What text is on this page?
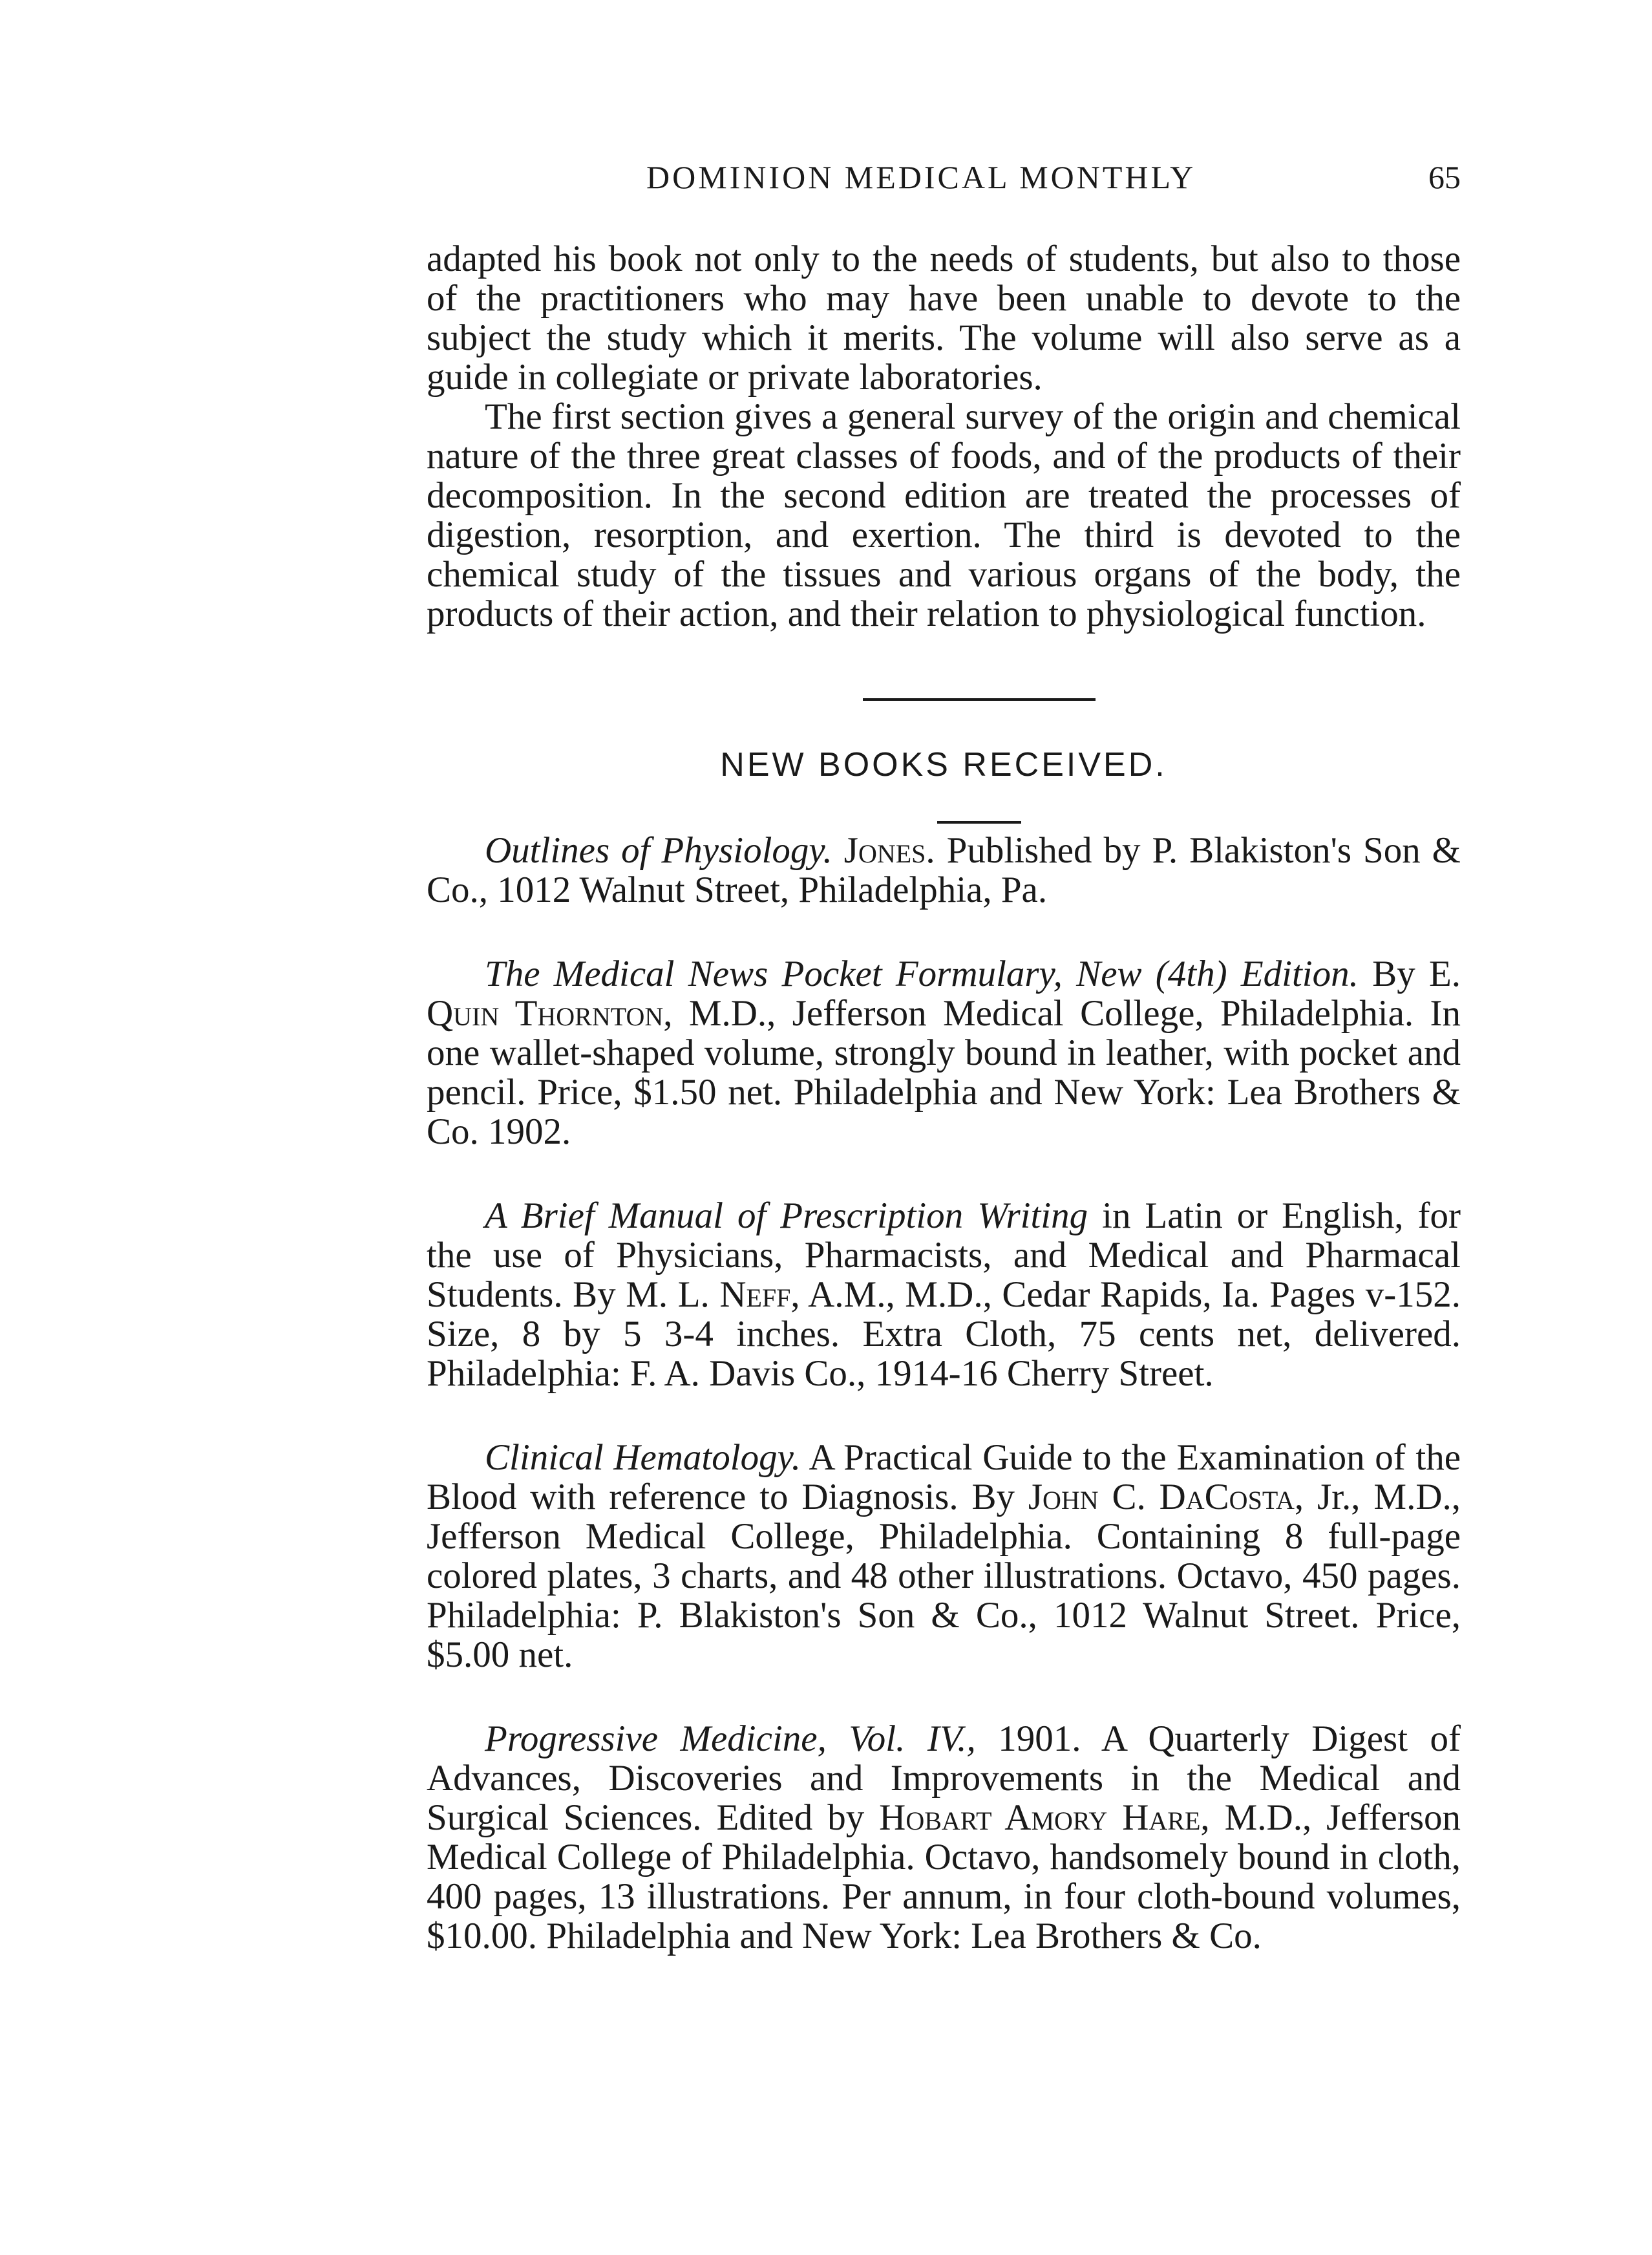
DOMINION MEDICAL MONTHLY	65

adapted his book not only to the needs of students, but also to those of the practitioners who may have been unable to devote to the subject the study which it merits. The volume will also serve as a guide in collegiate or private laboratories.

The first section gives a general survey of the origin and chemical nature of the three great classes of foods, and of the products of their decomposition. In the second edition are treated the processes of digestion, resorption, and exertion. The third is devoted to the chemical study of the tissues and various organs of the body, the products of their action, and their relation to physiological function.

NEW BOOKS RECEIVED.

Outlines of Physiology. Jones. Published by P. Blakiston's Son & Co., 1012 Walnut Street, Philadelphia, Pa.

The Medical News Pocket Formulary, New (4th) Edition. By E. Quin Thornton, M.D., Jefferson Medical College, Philadelphia. In one wallet-shaped volume, strongly bound in leather, with pocket and pencil. Price, $1.50 net. Philadelphia and New York: Lea Brothers & Co. 1902.

A Brief Manual of Prescription Writing in Latin or English, for the use of Physicians, Pharmacists, and Medical and Pharmacal Students. By M. L. Neff, A.M., M.D., Cedar Rapids, Ia. Pages v-152. Size, 8 by 5 3-4 inches. Extra Cloth, 75 cents net, delivered. Philadelphia: F. A. Davis Co., 1914-16 Cherry Street.

Clinical Hematology. A Practical Guide to the Examination of the Blood with reference to Diagnosis. By John C. DaCosta, Jr., M.D., Jefferson Medical College, Philadelphia. Containing 8 full-page colored plates, 3 charts, and 48 other illustrations. Octavo, 450 pages. Philadelphia: P. Blakiston's Son & Co., 1012 Walnut Street. Price, $5.00 net.

Progressive Medicine, Vol. IV., 1901. A Quarterly Digest of Advances, Discoveries and Improvements in the Medical and Surgical Sciences. Edited by Hobart Amory Hare, M.D., Jefferson Medical College of Philadelphia. Octavo, handsomely bound in cloth, 400 pages, 13 illustrations. Per annum, in four cloth-bound volumes, $10.00. Philadelphia and New York: Lea Brothers & Co.
